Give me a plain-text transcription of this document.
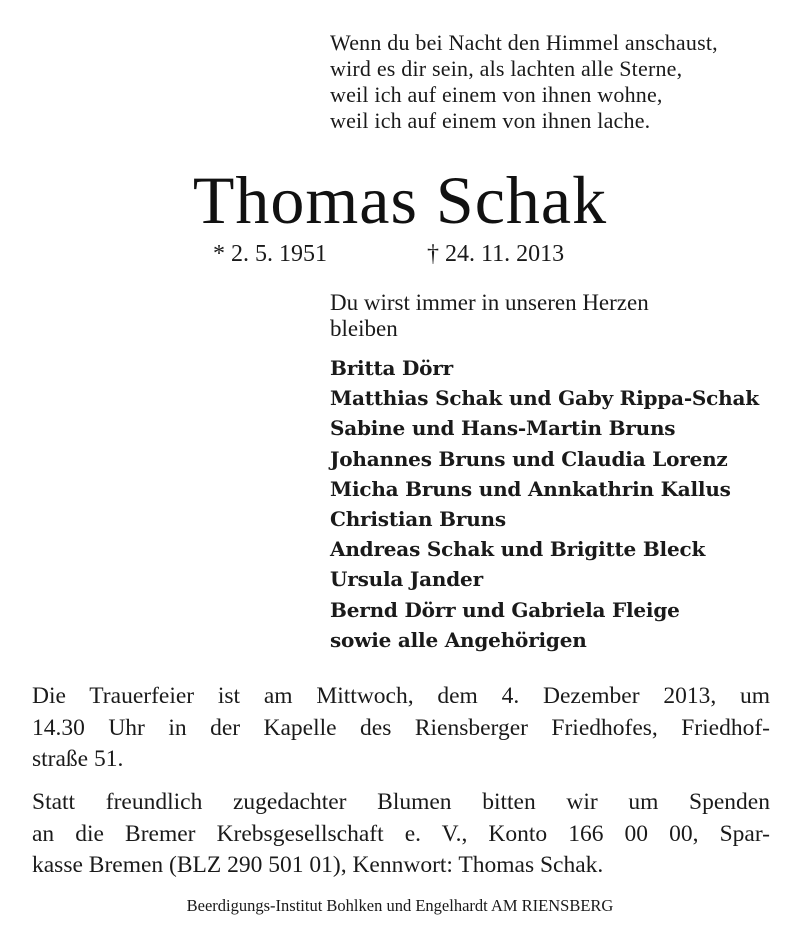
Wenn du bei Nacht den Himmel anschaust,
wird es dir sein, als lachten alle Sterne,
weil ich auf einem von ihnen wohne,
weil ich auf einem von ihnen lache.
Thomas Schak
* 2. 5. 1951	† 24. 11. 2013
Du wirst immer in unseren Herzen
bleiben
Britta Dörr
Matthias Schak und Gaby Rippa-Schak
Sabine und Hans-Martin Bruns
Johannes Bruns und Claudia Lorenz
Micha Bruns und Annkathrin Kallus
Christian Bruns
Andreas Schak und Brigitte Bleck
Ursula Jander
Bernd Dörr und Gabriela Fleige
sowie alle Angehörigen
Die Trauerfeier ist am Mittwoch, dem 4. Dezember 2013, um
14.30 Uhr in der Kapelle des Riensberger Friedhofes, Friedhof-
straße 51.
Statt freundlich zugedachter Blumen bitten wir um Spenden
an die Bremer Krebsgesellschaft e. V., Konto 166 00 00, Spar-
kasse Bremen (BLZ 290 501 01), Kennwort: Thomas Schak.
Beerdigungs-Institut Bohlken und Engelhardt AM RIENSBERG
